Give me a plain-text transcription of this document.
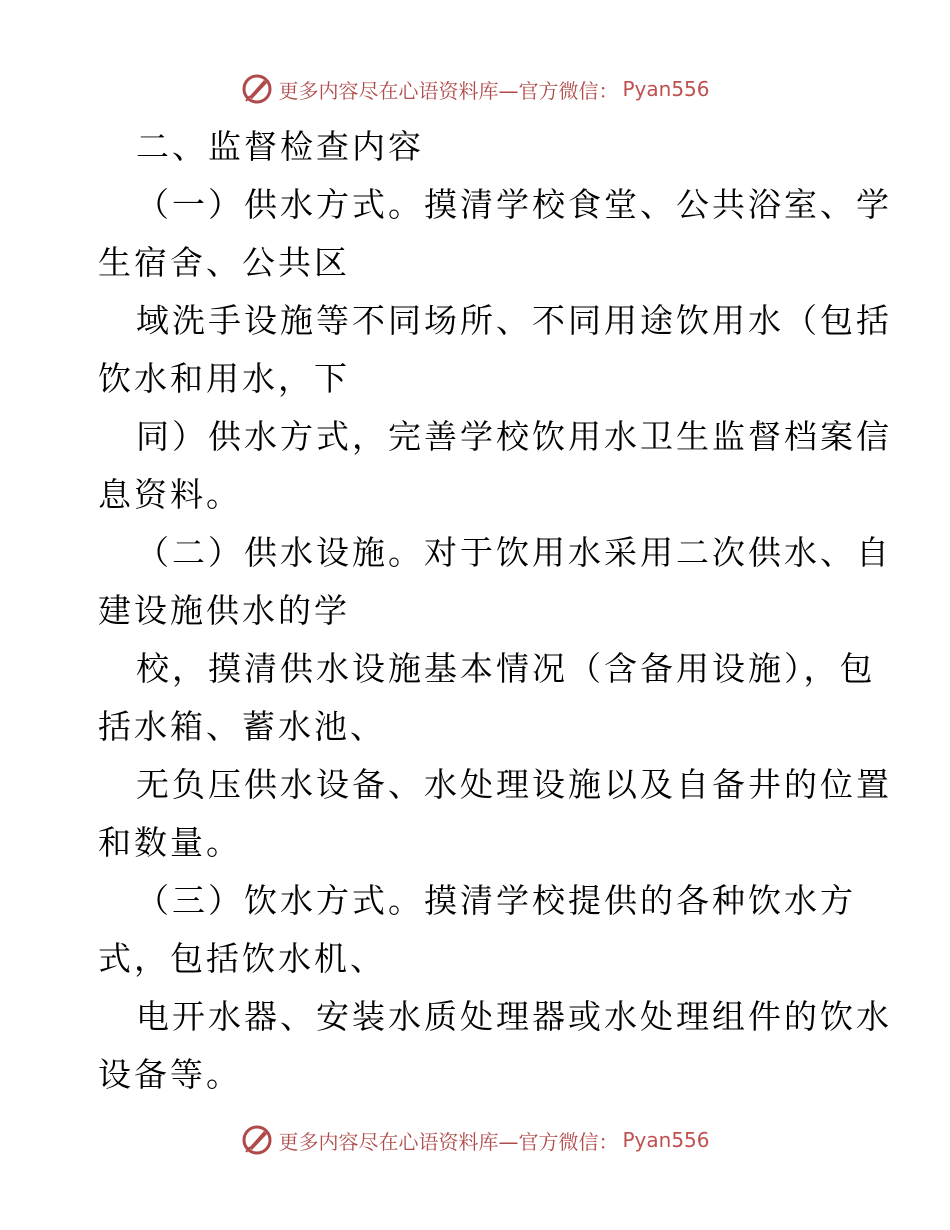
更多内容尽在心语资料库—官方微信： Pyan556
二、监督检查内容

（一）供水方式。摸清学校食堂、公共浴室、学
生宿舍、公共区
域洗手设施等不同场所、不同用途饮用水（包括
饮水和用水，下
同）供水方式，完善学校饮用水卫生监督档案信
息资料。

（二）供水设施。对于饮用水采用二次供水、自
建设施供水的学
校，摸清供水设施基本情况（含备用设施），包
括水箱、蓄水池、
无负压供水设备、水处理设施以及自备井的位置
和数量。

（三）饮水方式。摸清学校提供的各种饮水方
式，包括饮水机、
电开水器、安装水质处理器或水处理组件的饮水
设备等。

更多内容尽在心语资料库—官方微信： Pyan556
